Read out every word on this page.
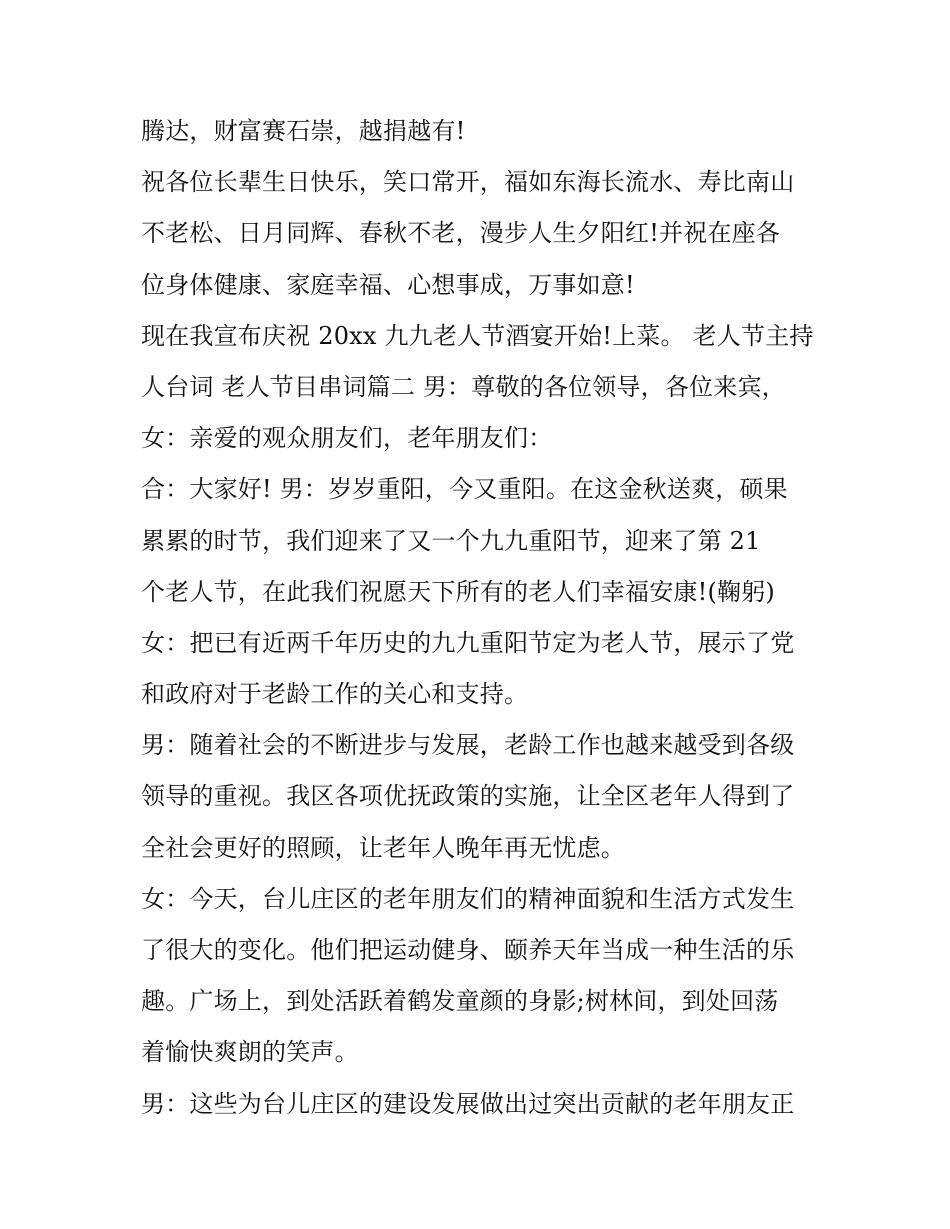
腾达，财富赛石崇，越捐越有!
祝各位长辈生日快乐，笑口常开，福如东海长流水、寿比南山
不老松、日月同辉、春秋不老，漫步人生夕阳红!并祝在座各
位身体健康、家庭幸福、心想事成，万事如意!
现在我宣布庆祝 20xx 九九老人节酒宴开始!上菜。 老人节主持
人台词 老人节目串词篇二 男：尊敬的各位领导，各位来宾，
女：亲爱的观众朋友们，老年朋友们：
合：大家好! 男：岁岁重阳，今又重阳。在这金秋送爽，硕果
累累的时节，我们迎来了又一个九九重阳节，迎来了第 21
个老人节，在此我们祝愿天下所有的老人们幸福安康!(鞠躬)
女：把已有近两千年历史的九九重阳节定为老人节，展示了党
和政府对于老龄工作的关心和支持。
男：随着社会的不断进步与发展，老龄工作也越来越受到各级
领导的重视。我区各项优抚政策的实施，让全区老年人得到了
全社会更好的照顾，让老年人晚年再无忧虑。
女：今天，台儿庄区的老年朋友们的精神面貌和生活方式发生
了很大的变化。他们把运动健身、颐养天年当成一种生活的乐
趣。广场上，到处活跃着鹤发童颜的身影;树林间，到处回荡
着愉快爽朗的笑声。
男：这些为台儿庄区的建设发展做出过突出贡献的老年朋友正
